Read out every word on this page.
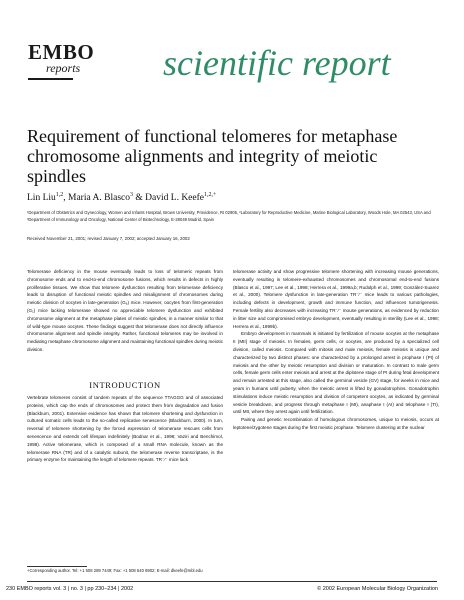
EMBO
reports scientific report
Requirement of functional telomeres for metaphase chromosome alignments and integrity of meiotic spindles
Lin Liu$^{1,2}$, Maria A. Blasco$^3$ & David L. Keefe$^{1,2,+}$
¹Department of Obstetrics and Gynecology, Women and Infants Hospital, Brown University, Providence, RI 02905, ²Laboratory for Reproductive Medicine, Marine Biological Laboratory, Woods Hole, MA 02543, USA and ³Department of Immunology and Oncology, National Center of Biotechnology, E-28049 Madrid, Spain
Received November 21, 2001; revised January 7, 2002; accepted January 16, 2002

Telomerase deficiency in the mouse eventually leads to loss of telomeric repeats from chromosome ends and to end-to-end chromosome fusions, which results in defects in highly proliferative tissues. We show that telomere dysfunction resulting from telomerase deficiency leads to disruption of functional meiotic spindles and misalignment of chromosomes during meiotic division of oocytes in late-generation (G₆) mice. However, oocytes from first-generation (G₁) mice lacking telomerase showed no appreciable telomere dysfunction and exhibited chromosome alignment at the metaphase plates of meiotic spindles, in a manner similar to that of wild-type mouse oocytes. These findings suggest that telomerase does not directly influence chromosome alignment and spindle integrity. Rather, functional telomeres may be involved in mediating metaphase chromosome alignment and maintaining functional spindles during meiotic division.

INTRODUCTION

Vertebrate telomeres consist of tandem repeats of the sequence TTAGGG and of associated proteins, which cap the ends of chromosomes and protect them from degradation and fusion (Blackburn, 2001). Extensive evidence has shown that telomere shortening and dysfunction in cultured somatic cells leads to the so-called replicative senescence (Blackburn, 2000). In turn, reversal of telomere shortening by the forced expression of telomerase rescues cells from senescence and extends cell lifespan indefinitely (Bodnar et al., 1998; Vaziri and Benchimol, 1998). Active telomerase, which is composed of a small RNA molecule, known as the telomerase RNA (TR) and of a catalytic subunit, the telomerase reverse transcriptase, is the primary enzyme for maintaining the length of telomere repeats. TR⁻⁄⁻ mice lack

telomerase activity and show progressive telomere shortening with increasing mouse generations, eventually resulting in telomere-exhausted chromosomes and chromosomal end-to-end fusions (Blasco et al., 1997; Lee et al., 1998; Herrera et al., 1999a,b; Rudolph et al., 1999; González-Suarez et al., 2000). Telomere dysfunction in late-generation TR⁻⁄⁻ mice leads to various pathologies, including defects in development, growth and immune function, and influences tumorigenesis. Female fertility also decreases with increasing TR⁻⁄⁻ mouse generations, as evidenced by reduction in litter size and compromised embryo development, eventually resulting in sterility (Lee et al., 1998; Herrera et al., 1999b).

Embryo development in mammals is initiated by fertilization of mouse oocytes at the metaphase II (MII) stage of meiosis. In females, germ cells, or oocytes, are produced by a specialized cell division, called meiosis. Compared with mitosis and male meiosis, female meiosis is unique and characterized by two distinct phases: one characterized by a prolonged arrest in prophase I (PI) of meiosis and the other by meiotic resumption and division or maturation. In contrast to male germ cells, female germ cells enter meiosis and arrest at the diplotene stage of PI during fetal development and remain arrested at this stage, also called the germinal vesicle (GV) stage, for weeks in mice and years in humans until puberty, when the meiotic arrest is lifted by gonadotrophins. Gonadotrophin stimulations induce meiotic resumption and division of competent oocytes, as indicated by germinal vesicle breakdown, and progress through metaphase I (MI), anaphase I (AI) and telophase I (TI), until MII, where they arrest again until fertilization.

Pairing and genetic recombination of homologous chromosomes, unique to meiosis, occurs at leptotene/zygotene stages during the first meiotic prophase. Telomere clustering at the nuclear

+Corresponding author. Tel: +1 508 289 7449; Fax: +1 508 540 6902; E-mail: dkeefe@mbl.edu
230 EMBO reports vol. 3 | no. 3 | pp 230–234 | 2002	© 2002 European Molecular Biology Organization
